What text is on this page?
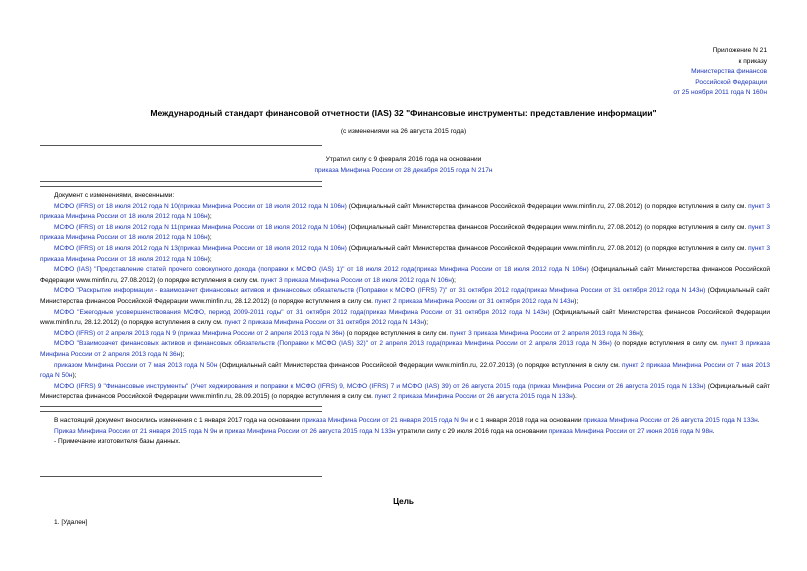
Приложение N 21
к приказу
Министерства финансов
Российской Федерации
от 25 ноября 2011 года N 160н
Международный стандарт финансовой отчетности (IAS) 32 "Финансовые инструменты: представление информации"
(с изменениями на 26 августа 2015 года)
Утратил силу с 9 февраля 2016 года на основании
приказа Минфина России от 28 декабря 2015 года N 217н

Документ с изменениями, внесенными:

МСФО (IFRS) от 18 июля 2012 года N 10(приказ Минфина России от 18 июля 2012 года N 106н) (Официальный сайт Министерства финансов Российской Федерации www.minfin.ru, 27.08.2012) (о порядке вступления в силу см. пункт 3 приказа Минфина России от 18 июля 2012 года N 106н);

МСФО (IFRS) от 18 июля 2012 года N 11(приказ Минфина России от 18 июля 2012 года N 106н) (Официальный сайт Министерства финансов Российской Федерации www.minfin.ru, 27.08.2012) (о порядке вступления в силу см. пункт 3 приказа Минфина России от 18 июля 2012 года N 106н);

МСФО (IFRS) от 18 июля 2012 года N 13(приказ Минфина России от 18 июля 2012 года N 106н) (Официальный сайт Министерства финансов Российской Федерации www.minfin.ru, 27.08.2012) (о порядке вступления в силу см. пункт 3 приказа Минфина России от 18 июля 2012 года N 106н);

МСФО (IAS) "Представление статей прочего совокупного дохода (поправки к МСФО (IAS) 1)" от 18 июля 2012 года(приказ Минфина России от 18 июля 2012 года N 106н) (Официальный сайт Министерства финансов Российской Федерации www.minfin.ru, 27.08.2012) (о порядке вступления в силу см. пункт 3 приказа Минфина России от 18 июля 2012 года N 106н);

МСФО "Раскрытие информации - взаимозачет финансовых активов и финансовых обязательств (Поправки к МСФО (IFRS) 7)" от 31 октября 2012 года(приказ Минфина России от 31 октября 2012 года N 143н) (Официальный сайт Министерства финансов Российской Федерации www.minfin.ru, 28.12.2012) (о порядке вступления в силу см. пункт 2 приказа Минфина России от 31 октября 2012 года N 143н);

МСФО "Ежегодные усовершенствования МСФО, период 2009-2011 годы" от 31 октября 2012 года(приказ Минфина России от 31 октября 2012 года N 143н) (Официальный сайт Министерства финансов Российской Федерации www.minfin.ru, 28.12.2012) (о порядке вступления в силу см. пункт 2 приказа Минфина России от 31 октября 2012 года N 143н);

МСФО (IFRS) от 2 апреля 2013 года N 9 (приказ Минфина России от 2 апреля 2013 года N 36н) (о порядке вступления в силу см. пункт 3 приказа Минфина России от 2 апреля 2013 года N 36н);

МСФО "Взаимозачет финансовых активов и финансовых обязательств (Поправки к МСФО (IAS) 32)" от 2 апреля 2013 года(приказ Минфина России от 2 апреля 2013 года N 36н) (о порядке вступления в силу см. пункт 3 приказа Минфина России от 2 апреля 2013 года N 36н);

приказом Минфина России от 7 мая 2013 года N 50н (Официальный сайт Министерства финансов Российской Федерации www.minfin.ru, 22.07.2013) (о порядке вступления в силу см. пункт 2 приказа Минфина России от 7 мая 2013 года N 50н);

МСФО (IFRS) 9 "Финансовые инструменты" (Учет хеджирования и поправки к МСФО (IFRS) 9, МСФО (IFRS) 7 и МСФО (IAS) 39) от 26 августа 2015 года (приказ Минфина России от 26 августа 2015 года N 133н) (Официальный сайт Министерства финансов Российской Федерации www.minfin.ru, 28.09.2015) (о порядке вступления в силу см. пункт 2 приказа Минфина России от 26 августа 2015 года N 133н).

В настоящий документ вносились изменения с 1 января 2017 года на основании приказа Минфина России от 21 января 2015 года N 9н и с 1 января 2018 года на основании приказа Минфина России от 26 августа 2015 года N 133н.

Приказ Минфина России от 21 января 2015 года N 9н и приказ Минфина России от 26 августа 2015 года N 133н утратили силу с 29 июля 2016 года на основании приказа Минфина России от 27 июня 2016 года N 98н.

- Примечание изготовителя базы данных.

Цель
1. [Удален]
